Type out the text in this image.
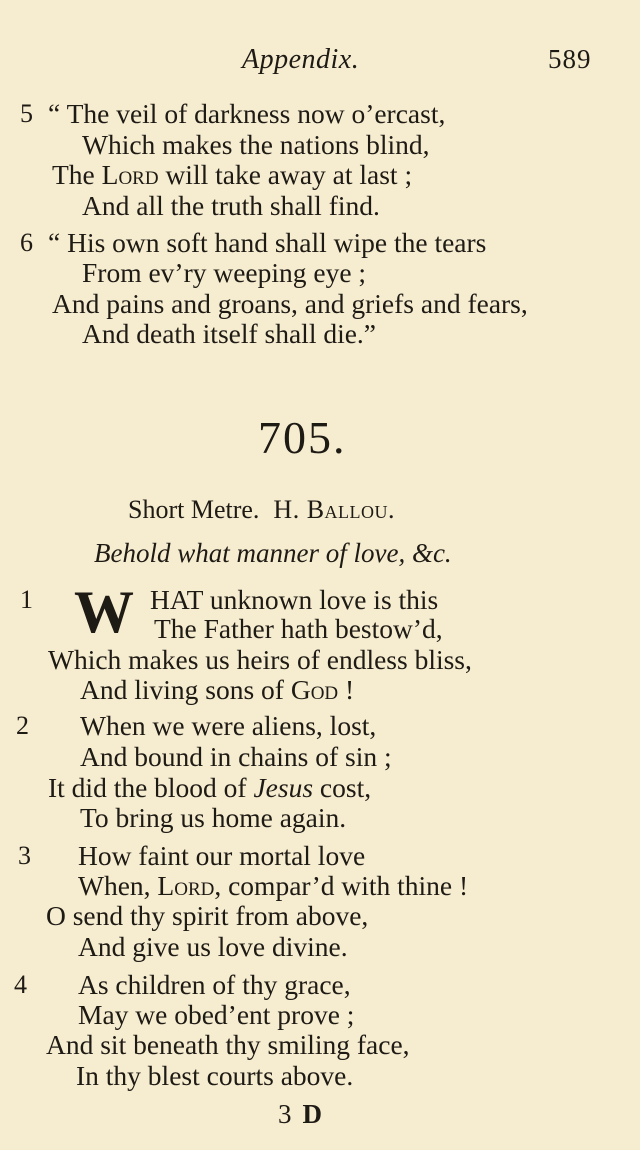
Appendix.	589
5 “ The veil of darkness now o’ercast,
Which makes the nations blind,
The Lord will take away at last ;
And all the truth shall find.
6 “ His own soft hand shall wipe the tears
From ev’ry weeping eye ;
And pains and groans, and griefs and fears,
And death itself shall die.”
705.
Short Metre. H. Ballou.
Behold what manner of love, &c.
1 W HAT unknown love is this
The Father hath bestow’d,
Which makes us heirs of endless bliss,
And living sons of God !
2 When we were aliens, lost,
And bound in chains of sin ;
It did the blood of Jesus cost,
To bring us home again.
3 How faint our mortal love
When, Lord, compar’d with thine !
O send thy spirit from above,
And give us love divine.
4 As children of thy grace,
May we obed’ent prove ;
And sit beneath thy smiling face,
In thy blest courts above.
3 D
